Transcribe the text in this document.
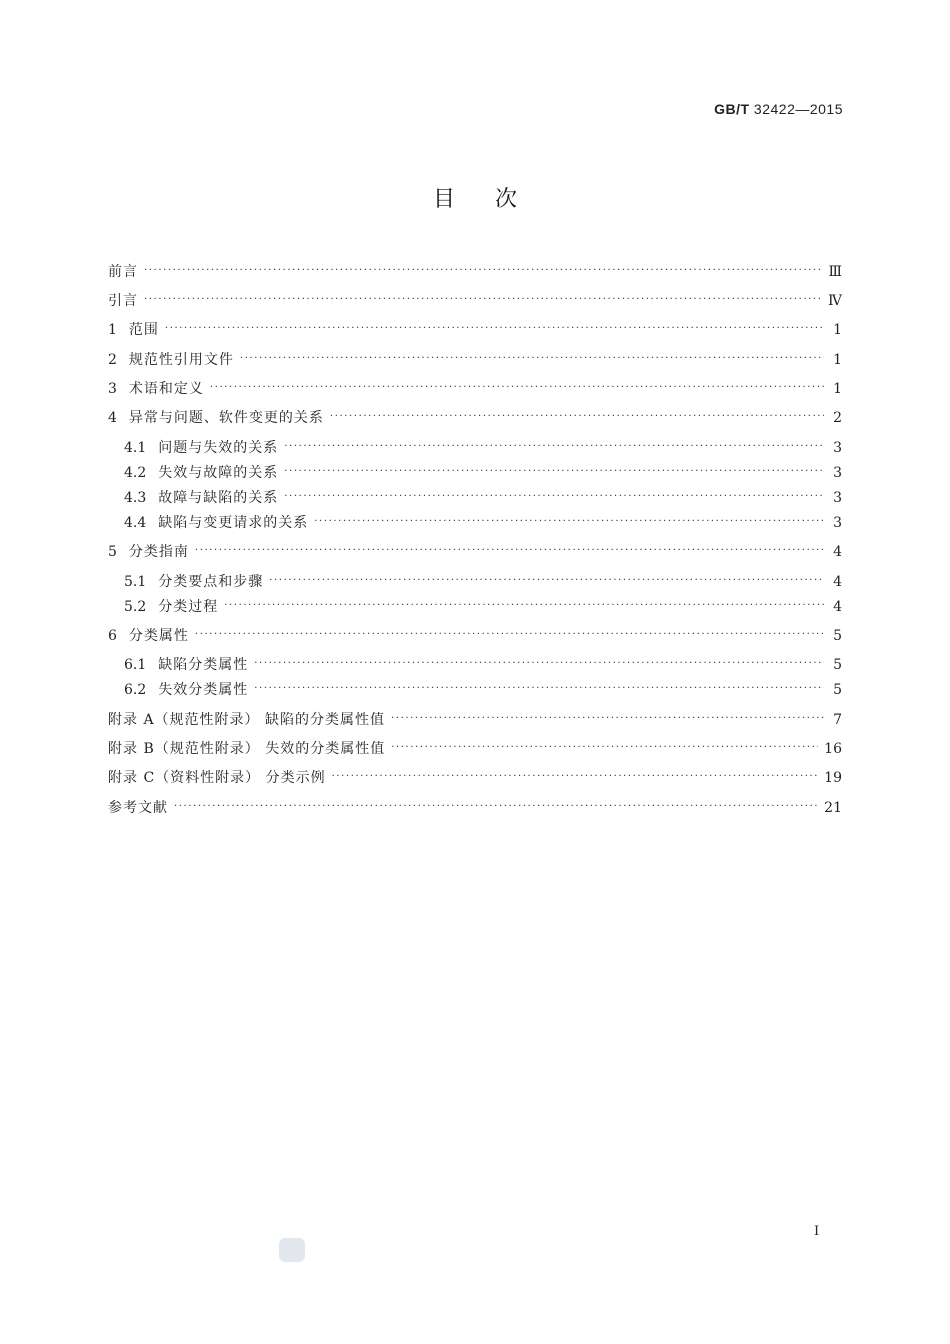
GB/T 32422—2015
目次
前言 ·····	Ⅲ
引言 ·····	Ⅳ
1 范围 ·····	1
2 规范性引用文件 ·····	1
3 术语和定义 ·····	1
4 异常与问题、软件变更的关系 ·····	2
4.1 问题与失效的关系 ·····	3
4.2 失效与故障的关系 ·····	3
4.3 故障与缺陷的关系 ·····	3
4.4 缺陷与变更请求的关系 ·····	3
5 分类指南 ·····	4
5.1 分类要点和步骤 ·····	4
5.2 分类过程 ·····	4
6 分类属性 ·····	5
6.1 缺陷分类属性 ·····	5
6.2 失效分类属性 ·····	5
附录 A（规范性附录） 缺陷的分类属性值 ·····	7
附录 B（规范性附录） 失效的分类属性值 ·····	16
附录 C（资料性附录） 分类示例 ·····	19
参考文献 ·····	21
Ⅰ
